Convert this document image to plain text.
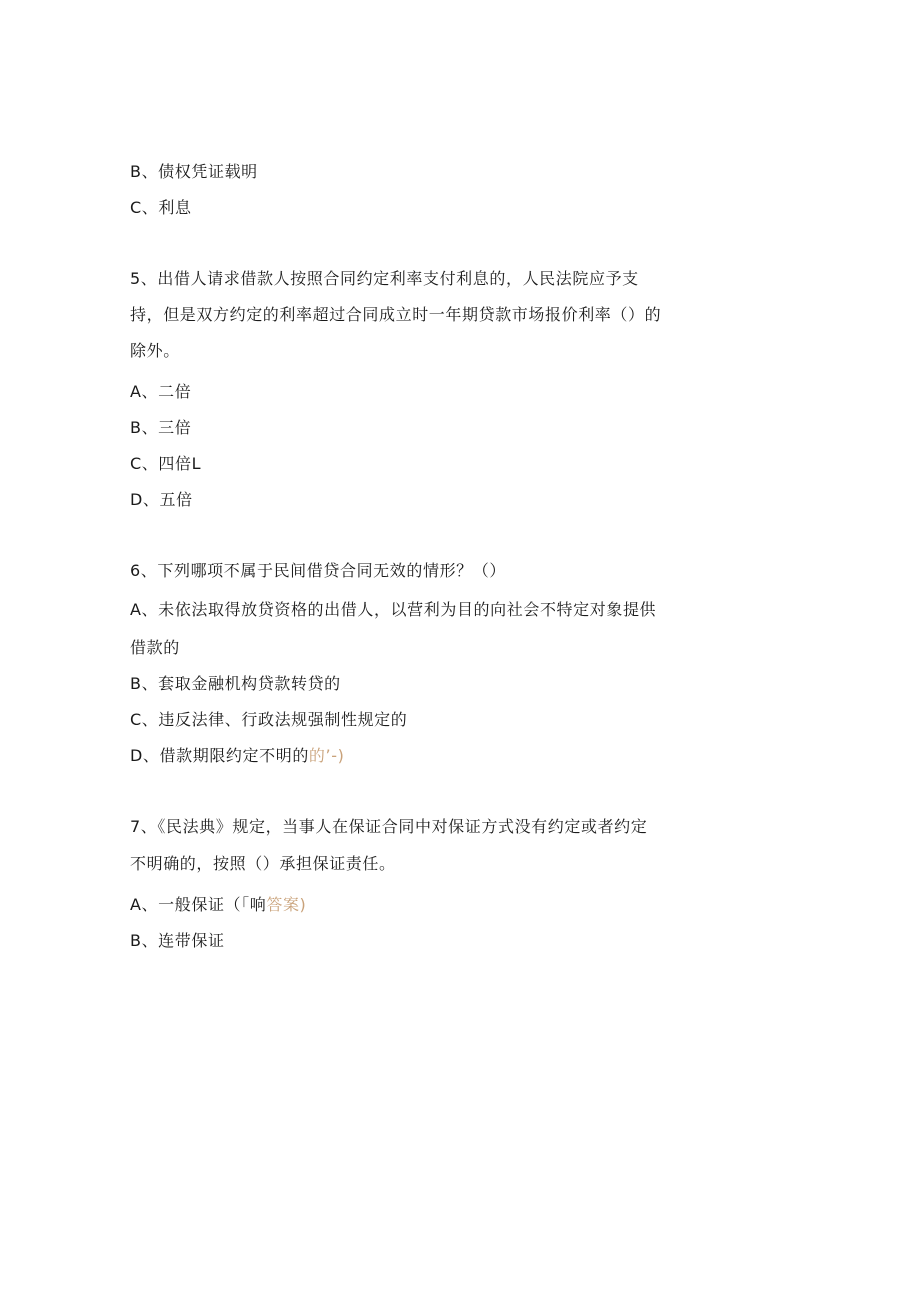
B、债权凭证载明
C、利息
5、出借人请求借款人按照合同约定利率支付利息的，人民法院应予支
持，但是双方约定的利率超过合同成立时一年期贷款市场报价利率（）的
除外。
A、二倍
B、三倍
C、四倍L
D、五倍
6、下列哪项不属于民间借贷合同无效的情形？（）
A、未依法取得放贷资格的出借人，以营利为目的向社会不特定对象提供
借款的
B、套取金融机构贷款转贷的
C、违反法律、行政法规强制性规定的
D、借款期限约定不明的的’-)
7、《民法典》规定，当事人在保证合同中对保证方式没有约定或者约定
不明确的，按照（）承担保证责任。
A、一般保证（「响答案)
B、连带保证
